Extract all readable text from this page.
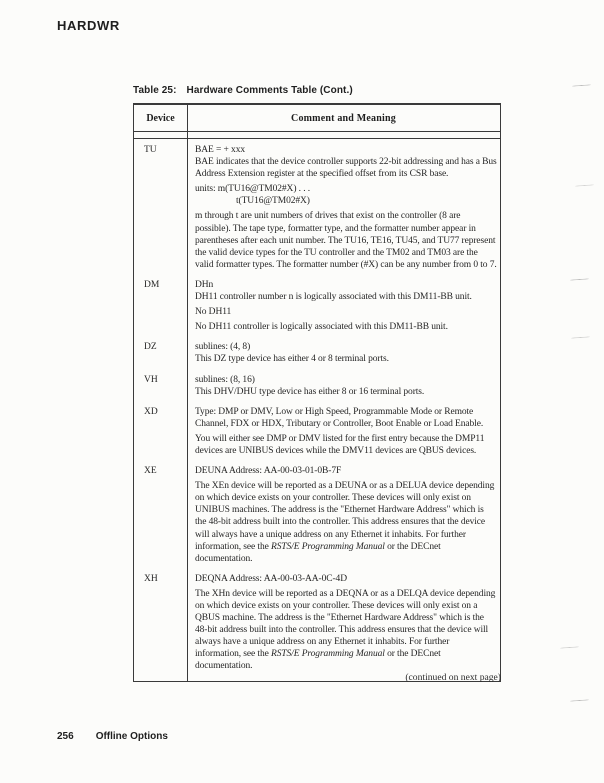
HARDWR
Table 25: Hardware Comments Table (Cont.)
Device	Comment and Meaning
TU	BAE = + xxx
BAE indicates that the device controller supports 22-bit addressing and has a Bus Address Extension register at the specified offset from its CSR base.

units: m(TU16@TM02#X) . . .
t(TU16@TM02#X)

m through t are unit numbers of drives that exist on the controller (8 are possible). The tape type, formatter type, and the formatter number appear in parentheses after each unit number. The TU16, TE16, TU45, and TU77 represent the valid device types for the TU controller and the TM02 and TM03 are the valid formatter types. The formatter number (#X) can be any number from 0 to 7.

DM	DHn
DH11 controller number n is logically associated with this DM11-BB unit.

No DH11

No DH11 controller is logically associated with this DM11-BB unit.

DZ	sublines: (4, 8)
This DZ type device has either 4 or 8 terminal ports.

VH	sublines: (8, 16)
This DHV/DHU type device has either 8 or 16 terminal ports.

XD	Type: DMP or DMV, Low or High Speed, Programmable Mode or Remote Channel, FDX or HDX, Tributary or Controller, Boot Enable or Load Enable.

You will either see DMP or DMV listed for the first entry because the DMP11 devices are UNIBUS devices while the DMV11 devices are QBUS devices.

XE	DEUNA Address: AA-00-03-01-0B-7F

The XEn device will be reported as a DEUNA or as a DELUA device depending on which device exists on your controller. These devices will only exist on UNIBUS machines. The address is the "Ethernet Hardware Address" which is the 48-bit address built into the controller. This address ensures that the device will always have a unique address on any Ethernet it inhabits. For further information, see the RSTS/E Programming Manual or the DECnet documentation.

XH	DEQNA Address: AA-00-03-AA-0C-4D

The XHn device will be reported as a DEQNA or as a DELQA device depending on which device exists on your controller. These devices will only exist on a QBUS machine. The address is the "Ethernet Hardware Address" which is the 48-bit address built into the controller. This address ensures that the device will always have a unique address on any Ethernet it inhabits. For further information, see the RSTS/E Programming Manual or the DECnet documentation.

(continued on next page)
256 Offline Options
